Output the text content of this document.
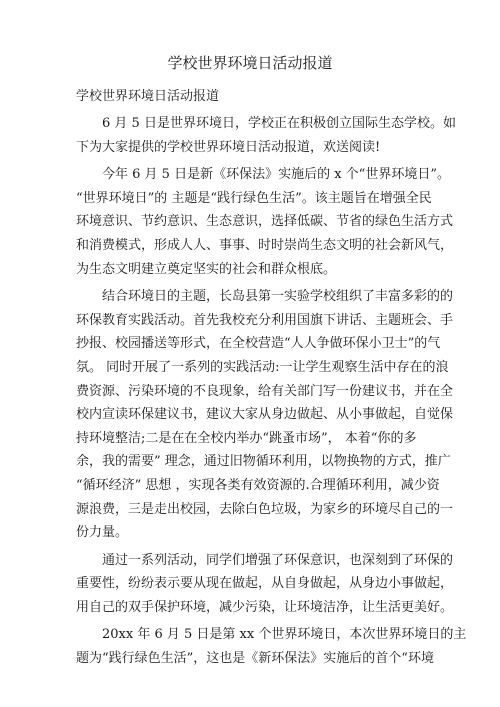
学校世界环境日活动报道
学校世界环境日活动报道
6 月 5 日是世界环境日，学校正在积极创立国际生态学校。如
下为大家提供的学校世界环境日活动报道，欢送阅读!
今年 6 月 5 日是新《环保法》实施后的 x 个“世界环境日”。
“世界环境日”的 主题是“践行绿色生活”。该主题旨在增强全民
环境意识、节约意识、生态意识，选择低碳、节省的绿色生活方式
和消费模式，形成人人、事事、时时崇尚生态文明的社会新风气，
为生态文明建立奠定坚实的社会和群众根底。
结合环境日的主题，长岛县第一实验学校组织了丰富多彩的的
环保教育实践活动。首先我校充分利用国旗下讲话、主题班会、手
抄报、校园播送等形式，在全校营造“人人争做环保小卫士”的气
氛。 同时开展了一系列的实践活动:一让学生观察生活中存在的浪
费资源、污染环境的不良现象，给有关部门写一份建议书，并在全
校内宣读环保建议书，建议大家从身边做起、从小事做起，自觉保
持环境整洁;二是在在全校内举办“跳蚤市场”， 本着“你的多
余，我的需要” 理念，通过旧物循环利用，以物换物的方式，推广
“循环经济” 思想 ，实现各类有效资源的.合理循环利用，减少资
源浪费，三是走出校园，去除白色垃圾，为家乡的环境尽自己的一
份力量。
通过一系列活动，同学们增强了环保意识，也深刻到了环保的
重要性，纷纷表示要从现在做起，从自身做起，从身边小事做起，
用自己的双手保护环境，减少污染，让环境洁净，让生活更美好。
20xx 年 6 月 5 日是第 xx 个世界环境日，本次世界环境日的主
题为“践行绿色生活”，这也是《新环保法》实施后的首个“环境
